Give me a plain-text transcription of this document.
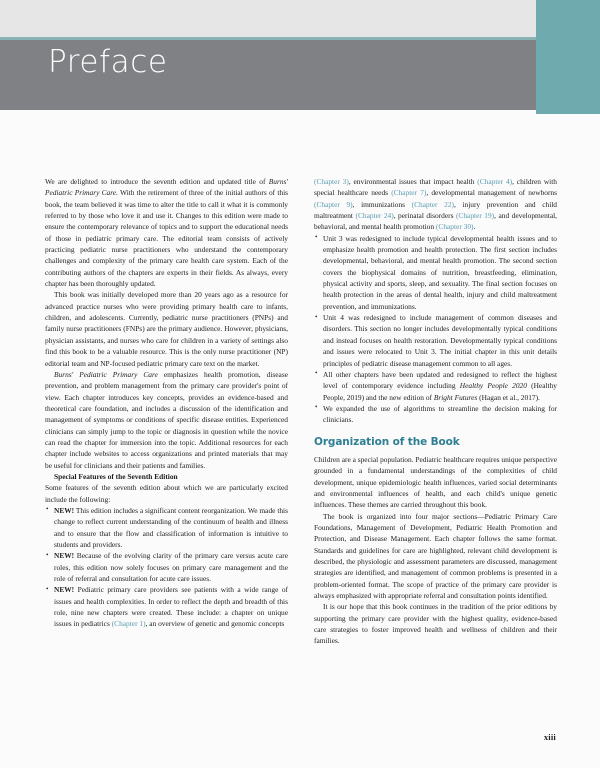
Preface

We are delighted to introduce the seventh edition and updated title of Burns' Pediatric Primary Care. With the retirement of three of the initial authors of this book, the team believed it was time to alter the title to call it what it is commonly referred to by those who love it and use it. Changes to this edition were made to ensure the contemporary relevance of topics and to support the educational needs of those in pediatric primary care. The editorial team consists of actively practicing pediatric nurse practitioners who understand the contemporary challenges and complexity of the primary care health care system. Each of the contributing authors of the chapters are experts in their fields. As always, every chapter has been thoroughly updated.

This book was initially developed more than 20 years ago as a resource for advanced practice nurses who were providing primary health care to infants, children, and adolescents. Currently, pediatric nurse practitioners (PNPs) and family nurse practitioners (FNPs) are the primary audience. However, physicians, physician assistants, and nurses who care for children in a variety of settings also find this book to be a valuable resource. This is the only nurse practitioner (NP) editorial team and NP-focused pediatric primary care text on the market.

Burns' Pediatric Primary Care emphasizes health promotion, disease prevention, and problem management from the primary care provider's point of view. Each chapter introduces key concepts, provides an evidence-based and theoretical care foundation, and includes a discussion of the identification and management of symptoms or conditions of specific disease entities. Experienced clinicians can simply jump to the topic or diagnosis in question while the novice can read the chapter for immersion into the topic. Additional resources for each chapter include websites to access organizations and printed materials that may be useful for clinicians and their patients and families.

Special Features of the Seventh Edition

Some features of the seventh edition about which we are particularly excited include the following:

• NEW! This edition includes a significant content reorganization. We made this change to reflect current understanding of the continuum of health and illness and to ensure that the flow and classification of information is intuitive to students and providers.
• NEW! Because of the evolving clarity of the primary care versus acute care roles, this edition now solely focuses on primary care management and the role of referral and consultation for acute care issues.
• NEW! Pediatric primary care providers see patients with a wide range of issues and health complexities. In order to reflect the depth and breadth of this role, nine new chapters were created. These include: a chapter on unique issues in pediatrics (Chapter 1), an overview of genetic and genomic concepts

(Chapter 3), environmental issues that impact health (Chapter 4), children with special healthcare needs (Chapter 7), developmental management of newborns (Chapter 9), immunizations (Chapter 22), injury prevention and child maltreatment (Chapter 24), perinatal disorders (Chapter 19), and developmental, behavioral, and mental health promotion (Chapter 30).

• Unit 3 was redesigned to include typical developmental health issues and to emphasize health promotion and health protection. The first section includes developmental, behavioral, and mental health promotion. The second section covers the biophysical domains of nutrition, breastfeeding, elimination, physical activity and sports, sleep, and sexuality. The final section focuses on health protection in the areas of dental health, injury and child maltreatment prevention, and immunizations.
• Unit 4 was redesigned to include management of common diseases and disorders. This section no longer includes developmentally typical conditions and instead focuses on health restoration. Developmentally typical conditions and issues were relocated to Unit 3. The initial chapter in this unit details principles of pediatric disease management common to all ages.
• All other chapters have been updated and redesigned to reflect the highest level of contemporary evidence including Healthy People 2020 (Healthy People, 2019) and the new edition of Bright Futures (Hagan et al., 2017).
• We expanded the use of algorithms to streamline the decision making for clinicians.
Organization of the Book

Children are a special population. Pediatric healthcare requires unique perspective grounded in a fundamental understandings of the complexities of child development, unique epidemiologic health influences, varied social determinants and environmental influences of health, and each child's unique genetic influences. These themes are carried throughout this book.

The book is organized into four major sections—Pediatric Primary Care Foundations, Management of Development, Pediatric Health Promotion and Protection, and Disease Management. Each chapter follows the same format. Standards and guidelines for care are highlighted, relevant child development is described, the physiologic and assessment parameters are discussed, management strategies are identified, and management of common problems is presented in a problem-oriented format. The scope of practice of the primary care provider is always emphasized with appropriate referral and consultation points identified.

It is our hope that this book continues in the tradition of the prior editions by supporting the primary care provider with the highest quality, evidence-based care strategies to foster improved health and wellness of children and their families.

xiii
